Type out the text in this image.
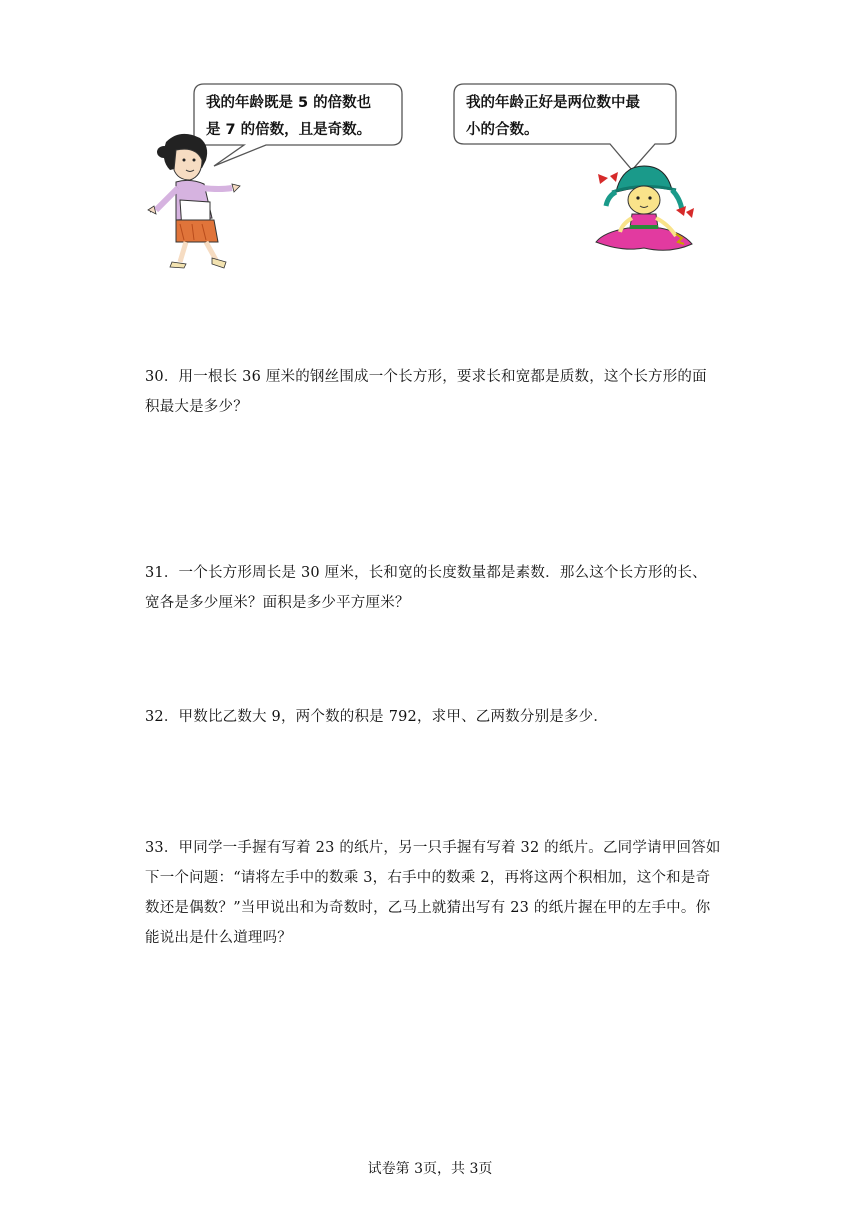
我的年龄既是 5 的倍数也
是 7 的倍数，且是奇数。
我的年龄正好是两位数中最
小的合数。

30．用一根长 36 厘米的钢丝围成一个长方形，要求长和宽都是质数，这个长方形的面

积最大是多少？

31．一个长方形周长是 30 厘米，长和宽的长度数量都是素数．那么这个长方形的长、

宽各是多少厘米？面积是多少平方厘米？

32．甲数比乙数大 9，两个数的积是 792，求甲、乙两数分别是多少．

33．甲同学一手握有写着 23 的纸片，另一只手握有写着 32 的纸片。乙同学请甲回答如

下一个问题：“请将左手中的数乘 3，右手中的数乘 2，再将这两个积相加，这个和是奇

数还是偶数？”当甲说出和为奇数时，乙马上就猜出写有 23 的纸片握在甲的左手中。你

能说出是什么道理吗？

试卷第 3页，共 3页
